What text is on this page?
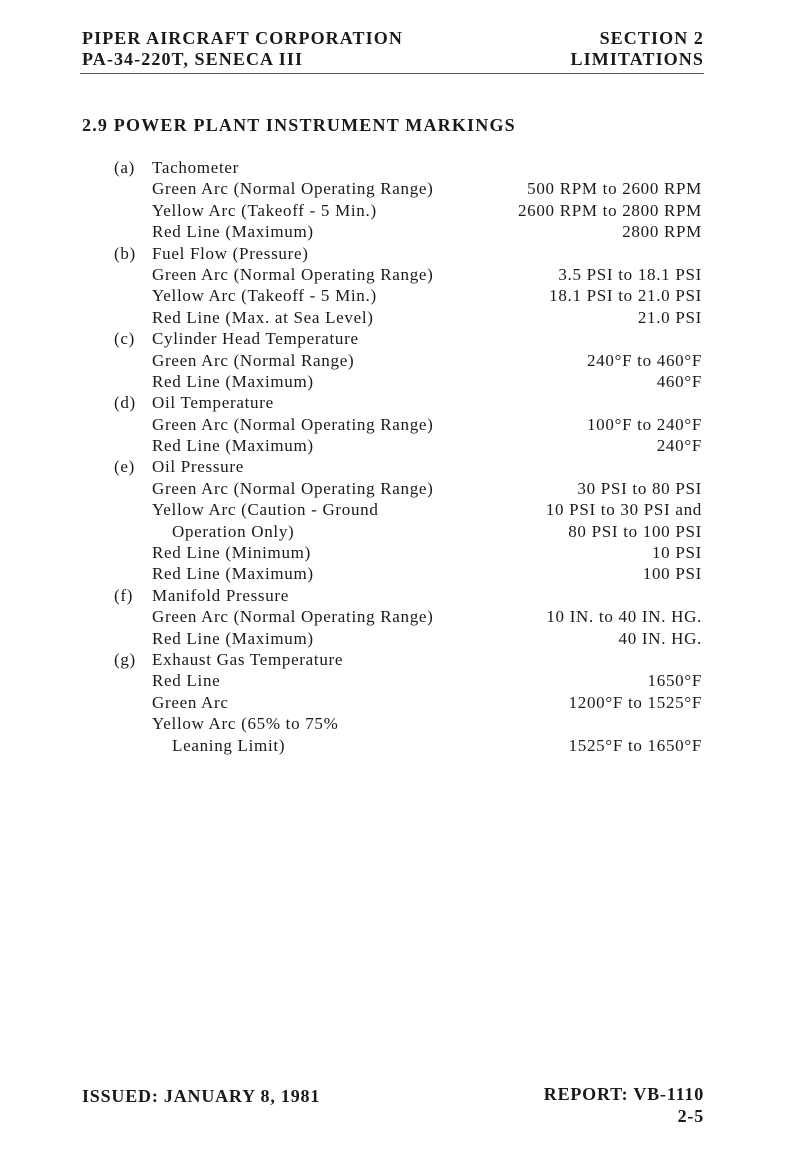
PIPER AIRCRAFT CORPORATION
PA-34-220T, SENECA III
SECTION 2
LIMITATIONS
2.9 POWER PLANT INSTRUMENT MARKINGS
(a) Tachometer
Green Arc (Normal Operating Range)	500 RPM to 2600 RPM
Yellow Arc (Takeoff - 5 Min.)	2600 RPM to 2800 RPM
Red Line (Maximum)	2800 RPM
(b) Fuel Flow (Pressure)
Green Arc (Normal Operating Range)	3.5 PSI to 18.1 PSI
Yellow Arc (Takeoff - 5 Min.)	18.1 PSI to 21.0 PSI
Red Line (Max. at Sea Level)	21.0 PSI
(c) Cylinder Head Temperature
Green Arc (Normal Range)	240°F to 460°F
Red Line (Maximum)	460°F
(d) Oil Temperature
Green Arc (Normal Operating Range)	100°F to 240°F
Red Line (Maximum)	240°F
(e) Oil Pressure
Green Arc (Normal Operating Range)	30 PSI to 80 PSI
Yellow Arc (Caution - Ground	10 PSI to 30 PSI and
Operation Only)	80 PSI to 100 PSI
Red Line (Minimum)	10 PSI
Red Line (Maximum)	100 PSI
(f) Manifold Pressure
Green Arc (Normal Operating Range)	10 IN. to 40 IN. HG.
Red Line (Maximum)	40 IN. HG.
(g) Exhaust Gas Temperature
Red Line	1650°F
Green Arc	1200°F to 1525°F
Yellow Arc (65% to 75%
Leaning Limit)	1525°F to 1650°F
ISSUED: JANUARY 8, 1981	REPORT: VB-1110
2-5
